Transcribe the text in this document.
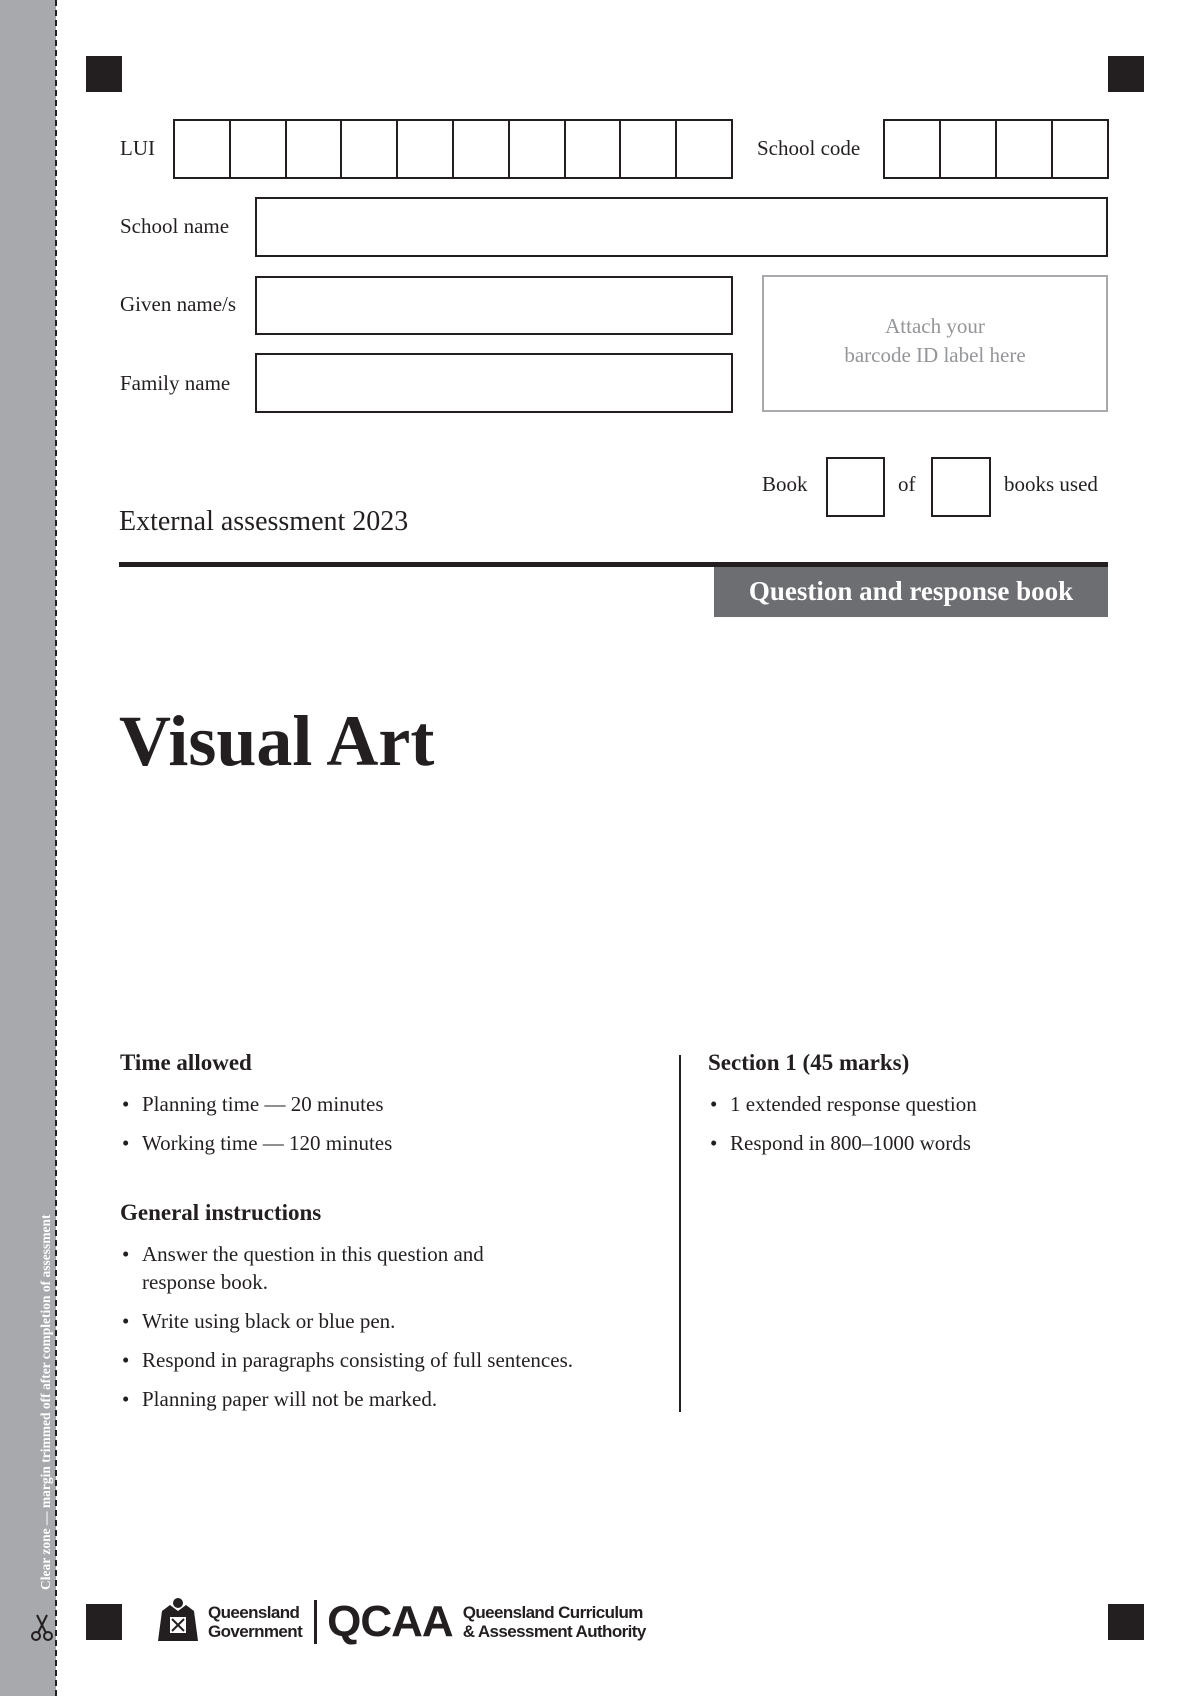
Clear zone — margin trimmed off after completion of assessment
LUI	School code
School name
Given name/s
Family name
Attach your
barcode ID label here
Book	of	books used
External assessment 2023
Question and response book
Visual Art
Time allowed
• Planning time — 20 minutes
• Working time — 120 minutes
General instructions
• Answer the question in this question and response book.
• Write using black or blue pen.
• Respond in paragraphs consisting of full sentences.
• Planning paper will not be marked.
Section 1 (45 marks)
• 1 extended response question
• Respond in 800–1000 words
Queensland
Government QCAA Queensland Curriculum
& Assessment Authority
